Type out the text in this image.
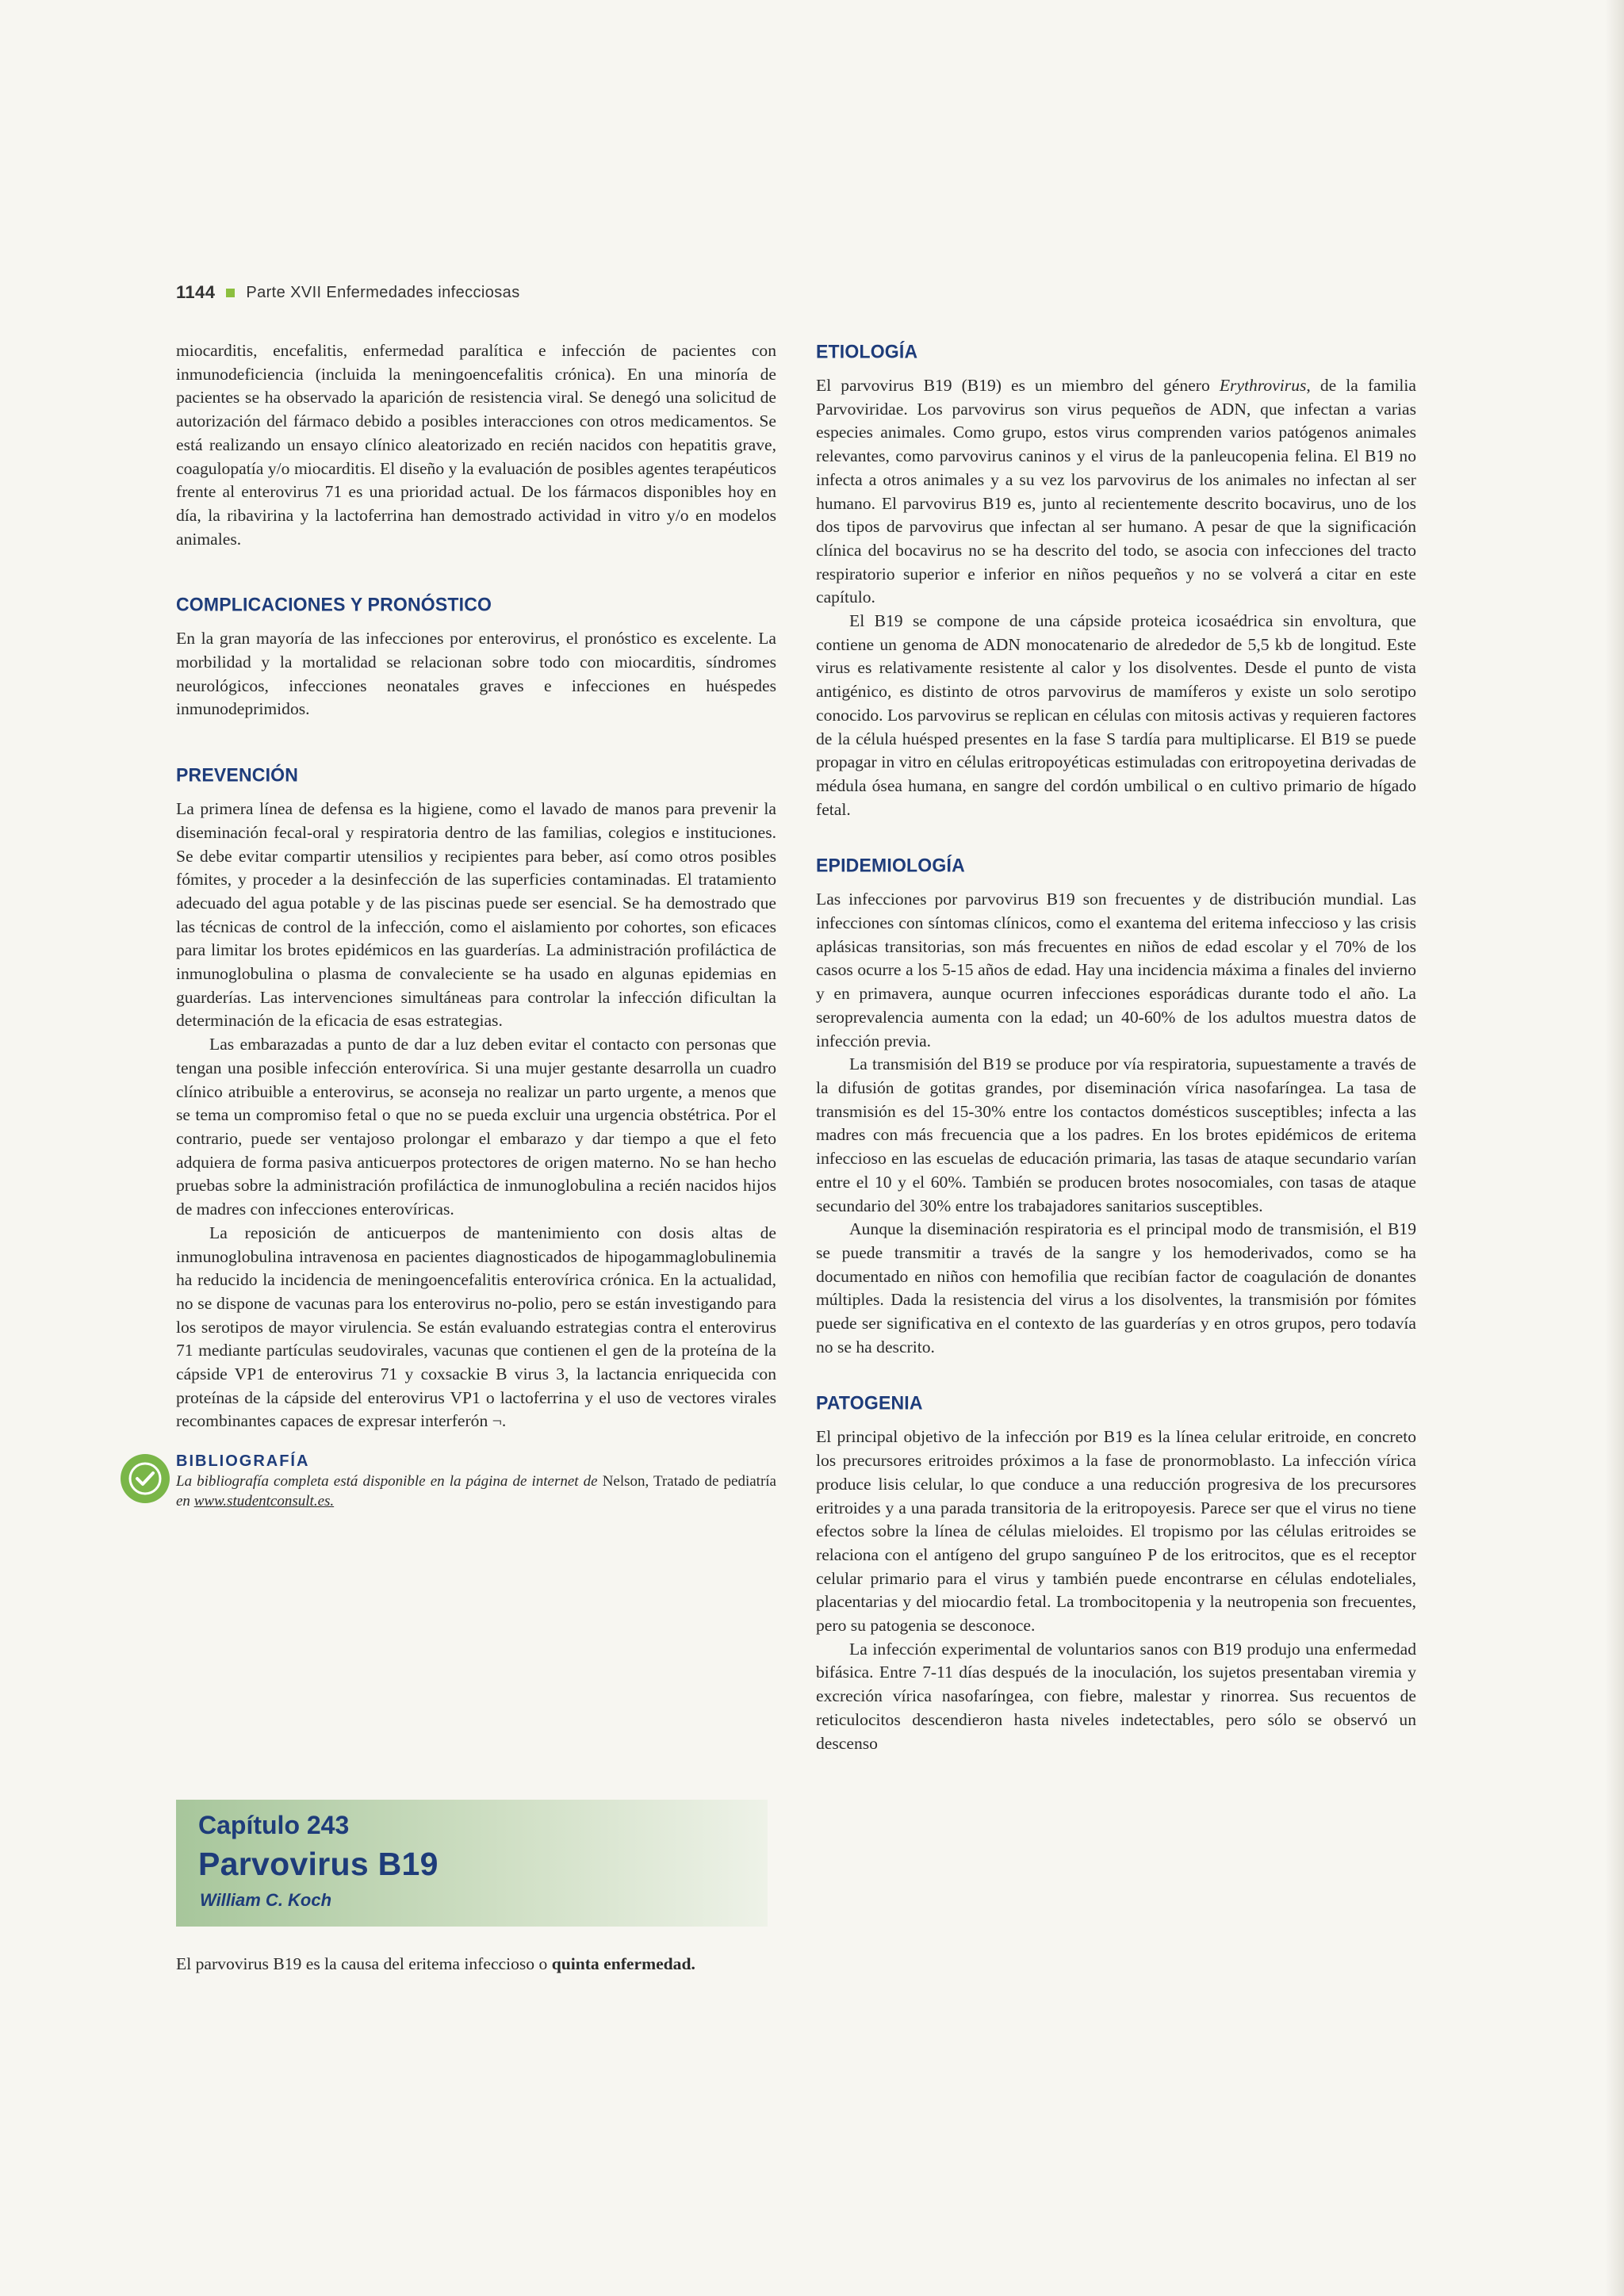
1144 Parte XVII Enfermedades infecciosas

miocarditis, encefalitis, enfermedad paralítica e infección de pacientes con inmunodeficiencia (incluida la meningoencefalitis crónica). En una minoría de pacientes se ha observado la aparición de resistencia viral. Se denegó una solicitud de autorización del fármaco debido a posibles interacciones con otros medicamentos. Se está realizando un ensayo clínico aleatorizado en recién nacidos con hepatitis grave, coagulopatía y/o miocarditis. El diseño y la evaluación de posibles agentes terapéuticos frente al enterovirus 71 es una prioridad actual. De los fármacos disponibles hoy en día, la ribavirina y la lactoferrina han demostrado actividad in vitro y/o en modelos animales.

COMPLICACIONES Y PRONÓSTICO

En la gran mayoría de las infecciones por enterovirus, el pronóstico es excelente. La morbilidad y la mortalidad se relacionan sobre todo con miocarditis, síndromes neurológicos, infecciones neonatales graves e infecciones en huéspedes inmunodeprimidos.

PREVENCIÓN

La primera línea de defensa es la higiene, como el lavado de manos para prevenir la diseminación fecal-oral y respiratoria dentro de las familias, colegios e instituciones. Se debe evitar compartir utensilios y recipientes para beber, así como otros posibles fómites, y proceder a la desinfección de las superficies contaminadas. El tratamiento adecuado del agua potable y de las piscinas puede ser esencial. Se ha demostrado que las técnicas de control de la infección, como el aislamiento por cohortes, son eficaces para limitar los brotes epidémicos en las guarderías. La administración profiláctica de inmunoglobulina o plasma de convaleciente se ha usado en algunas epidemias en guarderías. Las intervenciones simultáneas para controlar la infección dificultan la determinación de la eficacia de esas estrategias.

Las embarazadas a punto de dar a luz deben evitar el contacto con personas que tengan una posible infección enterovírica. Si una mujer gestante desarrolla un cuadro clínico atribuible a enterovirus, se aconseja no realizar un parto urgente, a menos que se tema un compromiso fetal o que no se pueda excluir una urgencia obstétrica. Por el contrario, puede ser ventajoso prolongar el embarazo y dar tiempo a que el feto adquiera de forma pasiva anticuerpos protectores de origen materno. No se han hecho pruebas sobre la administración profiláctica de inmunoglobulina a recién nacidos hijos de madres con infecciones enterovíricas.

La reposición de anticuerpos de mantenimiento con dosis altas de inmunoglobulina intravenosa en pacientes diagnosticados de hipogammaglobulinemia ha reducido la incidencia de meningoencefalitis enterovírica crónica. En la actualidad, no se dispone de vacunas para los enterovirus no-polio, pero se están investigando para los serotipos de mayor virulencia. Se están evaluando estrategias contra el enterovirus 71 mediante partículas seudovirales, vacunas que contienen el gen de la proteína de la cápside VP1 de enterovirus 71 y coxsackie B virus 3, la lactancia enriquecida con proteínas de la cápside del enterovirus VP1 o lactoferrina y el uso de vectores virales recombinantes capaces de expresar interferón ¬.

BIBLIOGRAFÍA
La bibliografía completa está disponible en la página de internet de Nelson, Tratado de pediatría en www.studentconsult.es.
Capítulo 243
Parvovirus B19
William C. Koch
El parvovirus B19 es la causa del eritema infeccioso o quinta enfermedad.
ETIOLOGÍA

El parvovirus B19 (B19) es un miembro del género Erythrovirus, de la familia Parvoviridae. Los parvovirus son virus pequeños de ADN, que infectan a varias especies animales. Como grupo, estos virus comprenden varios patógenos animales relevantes, como parvovirus caninos y el virus de la panleucopenia felina. El B19 no infecta a otros animales y a su vez los parvovirus de los animales no infectan al ser humano. El parvovirus B19 es, junto al recientemente descrito bocavirus, uno de los dos tipos de parvovirus que infectan al ser humano. A pesar de que la significación clínica del bocavirus no se ha descrito del todo, se asocia con infecciones del tracto respiratorio superior e inferior en niños pequeños y no se volverá a citar en este capítulo.

El B19 se compone de una cápside proteica icosaédrica sin envoltura, que contiene un genoma de ADN monocatenario de alrededor de 5,5 kb de longitud. Este virus es relativamente resistente al calor y los disolventes. Desde el punto de vista antigénico, es distinto de otros parvovirus de mamíferos y existe un solo serotipo conocido. Los parvovirus se replican en células con mitosis activas y requieren factores de la célula huésped presentes en la fase S tardía para multiplicarse. El B19 se puede propagar in vitro en células eritropoyéticas estimuladas con eritropoyetina derivadas de médula ósea humana, en sangre del cordón umbilical o en cultivo primario de hígado fetal.

EPIDEMIOLOGÍA

Las infecciones por parvovirus B19 son frecuentes y de distribución mundial. Las infecciones con síntomas clínicos, como el exantema del eritema infeccioso y las crisis aplásicas transitorias, son más frecuentes en niños de edad escolar y el 70% de los casos ocurre a los 5-15 años de edad. Hay una incidencia máxima a finales del invierno y en primavera, aunque ocurren infecciones esporádicas durante todo el año. La seroprevalencia aumenta con la edad; un 40-60% de los adultos muestra datos de infección previa.

La transmisión del B19 se produce por vía respiratoria, supuestamente a través de la difusión de gotitas grandes, por diseminación vírica nasofaríngea. La tasa de transmisión es del 15-30% entre los contactos domésticos susceptibles; infecta a las madres con más frecuencia que a los padres. En los brotes epidémicos de eritema infeccioso en las escuelas de educación primaria, las tasas de ataque secundario varían entre el 10 y el 60%. También se producen brotes nosocomiales, con tasas de ataque secundario del 30% entre los trabajadores sanitarios susceptibles.

Aunque la diseminación respiratoria es el principal modo de transmisión, el B19 se puede transmitir a través de la sangre y los hemoderivados, como se ha documentado en niños con hemofilia que recibían factor de coagulación de donantes múltiples. Dada la resistencia del virus a los disolventes, la transmisión por fómites puede ser significativa en el contexto de las guarderías y en otros grupos, pero todavía no se ha descrito.

PATOGENIA

El principal objetivo de la infección por B19 es la línea celular eritroide, en concreto los precursores eritroides próximos a la fase de pronormoblasto. La infección vírica produce lisis celular, lo que conduce a una reducción progresiva de los precursores eritroides y a una parada transitoria de la eritropoyesis. Parece ser que el virus no tiene efectos sobre la línea de células mieloides. El tropismo por las células eritroides se relaciona con el antígeno del grupo sanguíneo P de los eritrocitos, que es el receptor celular primario para el virus y también puede encontrarse en células endoteliales, placentarias y del miocardio fetal. La trombocitopenia y la neutropenia son frecuentes, pero su patogenia se desconoce.

La infección experimental de voluntarios sanos con B19 produjo una enfermedad bifásica. Entre 7-11 días después de la inoculación, los sujetos presentaban viremia y excreción vírica nasofaríngea, con fiebre, malestar y rinorrea. Sus recuentos de reticulocitos descendieron hasta niveles indetectables, pero sólo se observó un descenso
